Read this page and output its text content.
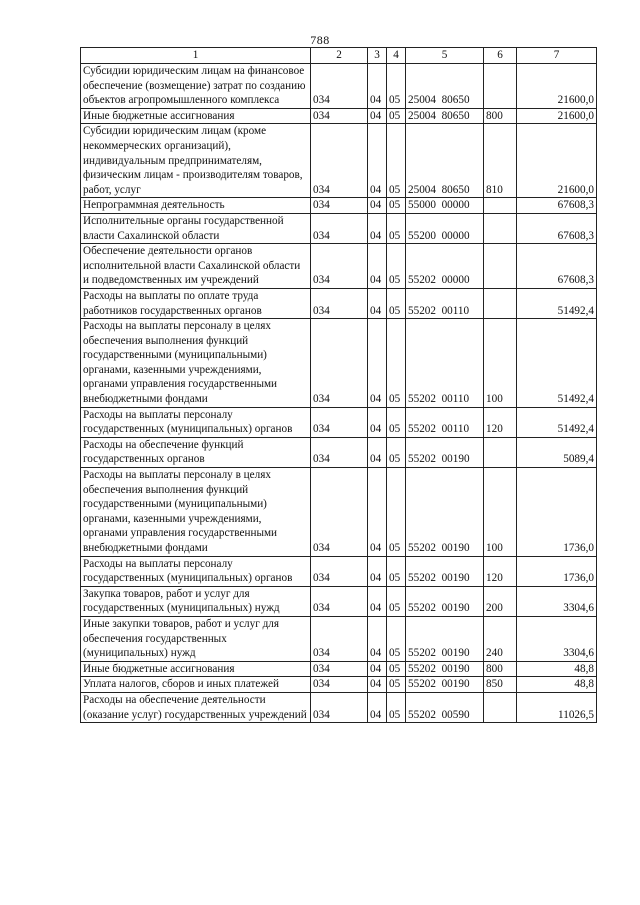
788
1	2	3	4	5	6	7
Субсидии юридическим лицам на финансовое обеспечение (возмещение) затрат по созданию объектов агропромышленного комплекса	034	04	05	25004  80650		21600,0
Иные бюджетные ассигнования	034	04	05	25004  80650	800	21600,0
Субсидии юридическим лицам (кроме некоммерческих организаций), индивидуальным предпринимателям, физическим лицам - производителям товаров, работ, услуг	034	04	05	25004  80650	810	21600,0
Непрограммная деятельность	034	04	05	55000  00000		67608,3
Исполнительные органы государственной власти Сахалинской области	034	04	05	55200  00000		67608,3
Обеспечение деятельности органов исполнительной власти Сахалинской области и подведомственных им учреждений	034	04	05	55202  00000		67608,3
Расходы на выплаты по оплате труда работников государственных органов	034	04	05	55202  00110		51492,4
Расходы на выплаты персоналу в целях обеспечения выполнения функций государственными (муниципальными) органами, казенными учреждениями, органами управления государственными внебюджетными фондами	034	04	05	55202  00110	100	51492,4
Расходы на выплаты персоналу государственных (муниципальных) органов	034	04	05	55202  00110	120	51492,4
Расходы на обеспечение функций государственных органов	034	04	05	55202  00190		5089,4
Расходы на выплаты персоналу в целях обеспечения выполнения функций государственными (муниципальными) органами, казенными учреждениями, органами управления государственными внебюджетными фондами	034	04	05	55202  00190	100	1736,0
Расходы на выплаты персоналу государственных (муниципальных) органов	034	04	05	55202  00190	120	1736,0
Закупка товаров, работ и услуг для государственных (муниципальных) нужд	034	04	05	55202  00190	200	3304,6
Иные закупки товаров, работ и услуг для обеспечения государственных (муниципальных) нужд	034	04	05	55202  00190	240	3304,6
Иные бюджетные ассигнования	034	04	05	55202  00190	800	48,8
Уплата налогов, сборов и иных платежей	034	04	05	55202  00190	850	48,8
Расходы на обеспечение деятельности (оказание услуг) государственных учреждений	034	04	05	55202  00590		11026,5
